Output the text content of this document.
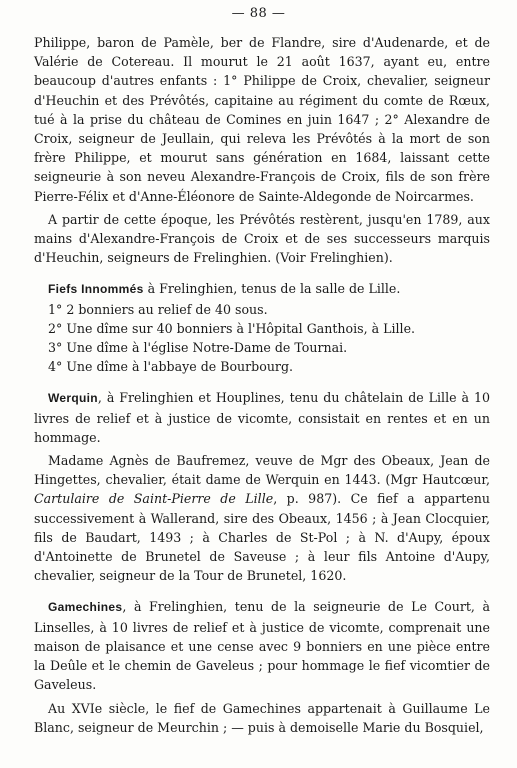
— 88 —

Philippe, baron de Pamèle, ber de Flandre, sire d'Audenarde, et de Valérie de Cotereau. Il mourut le 21 août 1637, ayant eu, entre beaucoup d'autres enfants : 1° Philippe de Croix, chevalier, seigneur d'Heuchin et des Prévôtés, capitaine au régiment du comte de Rœux, tué à la prise du château de Comines en juin 1647 ; 2° Alexandre de Croix, seigneur de Jeullain, qui releva les Prévôtés à la mort de son frère Philippe, et mourut sans génération en 1684, laissant cette seigneurie à son neveu Alexandre-François de Croix, fils de son frère Pierre-Félix et d'Anne-Éléonore de Sainte-Aldegonde de Noircarmes.

A partir de cette époque, les Prévôtés restèrent, jusqu'en 1789, aux mains d'Alexandre-François de Croix et de ses successeurs marquis d'Heuchin, seigneurs de Frelinghien. (Voir Frelinghien).

Fiefs Innommés à Frelinghien, tenus de la salle de Lille.

1° 2 bonniers au relief de 40 sous.

2° Une dîme sur 40 bonniers à l'Hôpital Ganthois, à Lille.

3° Une dîme à l'église Notre-Dame de Tournai.

4° Une dîme à l'abbaye de Bourbourg.

Werquin, à Frelinghien et Houplines, tenu du châtelain de Lille à 10 livres de relief et à justice de vicomte, consistait en rentes et en un hommage.

Madame Agnès de Baufremez, veuve de Mgr des Obeaux, Jean de Hingettes, chevalier, était dame de Werquin en 1443. (Mgr Hautcœur, Cartulaire de Saint-Pierre de Lille, p. 987). Ce fief a appartenu successivement à Wallerand, sire des Obeaux, 1456 ; à Jean Clocquier, fils de Baudart, 1493 ; à Charles de St-Pol ; à N. d'Aupy, époux d'Antoinette de Brunetel de Saveuse ; à leur fils Antoine d'Aupy, chevalier, seigneur de la Tour de Brunetel, 1620.

Gamechines, à Frelinghien, tenu de la seigneurie de Le Court, à Linselles, à 10 livres de relief et à justice de vicomte, comprenait une maison de plaisance et une cense avec 9 bonniers en une pièce entre la Deûle et le chemin de Gaveleus ; pour hommage le fief vicomtier de Gaveleus.

Au XVIe siècle, le fief de Gamechines appartenait à Guillaume Le Blanc, seigneur de Meurchin ; — puis à demoiselle Marie du Bosquiel,
